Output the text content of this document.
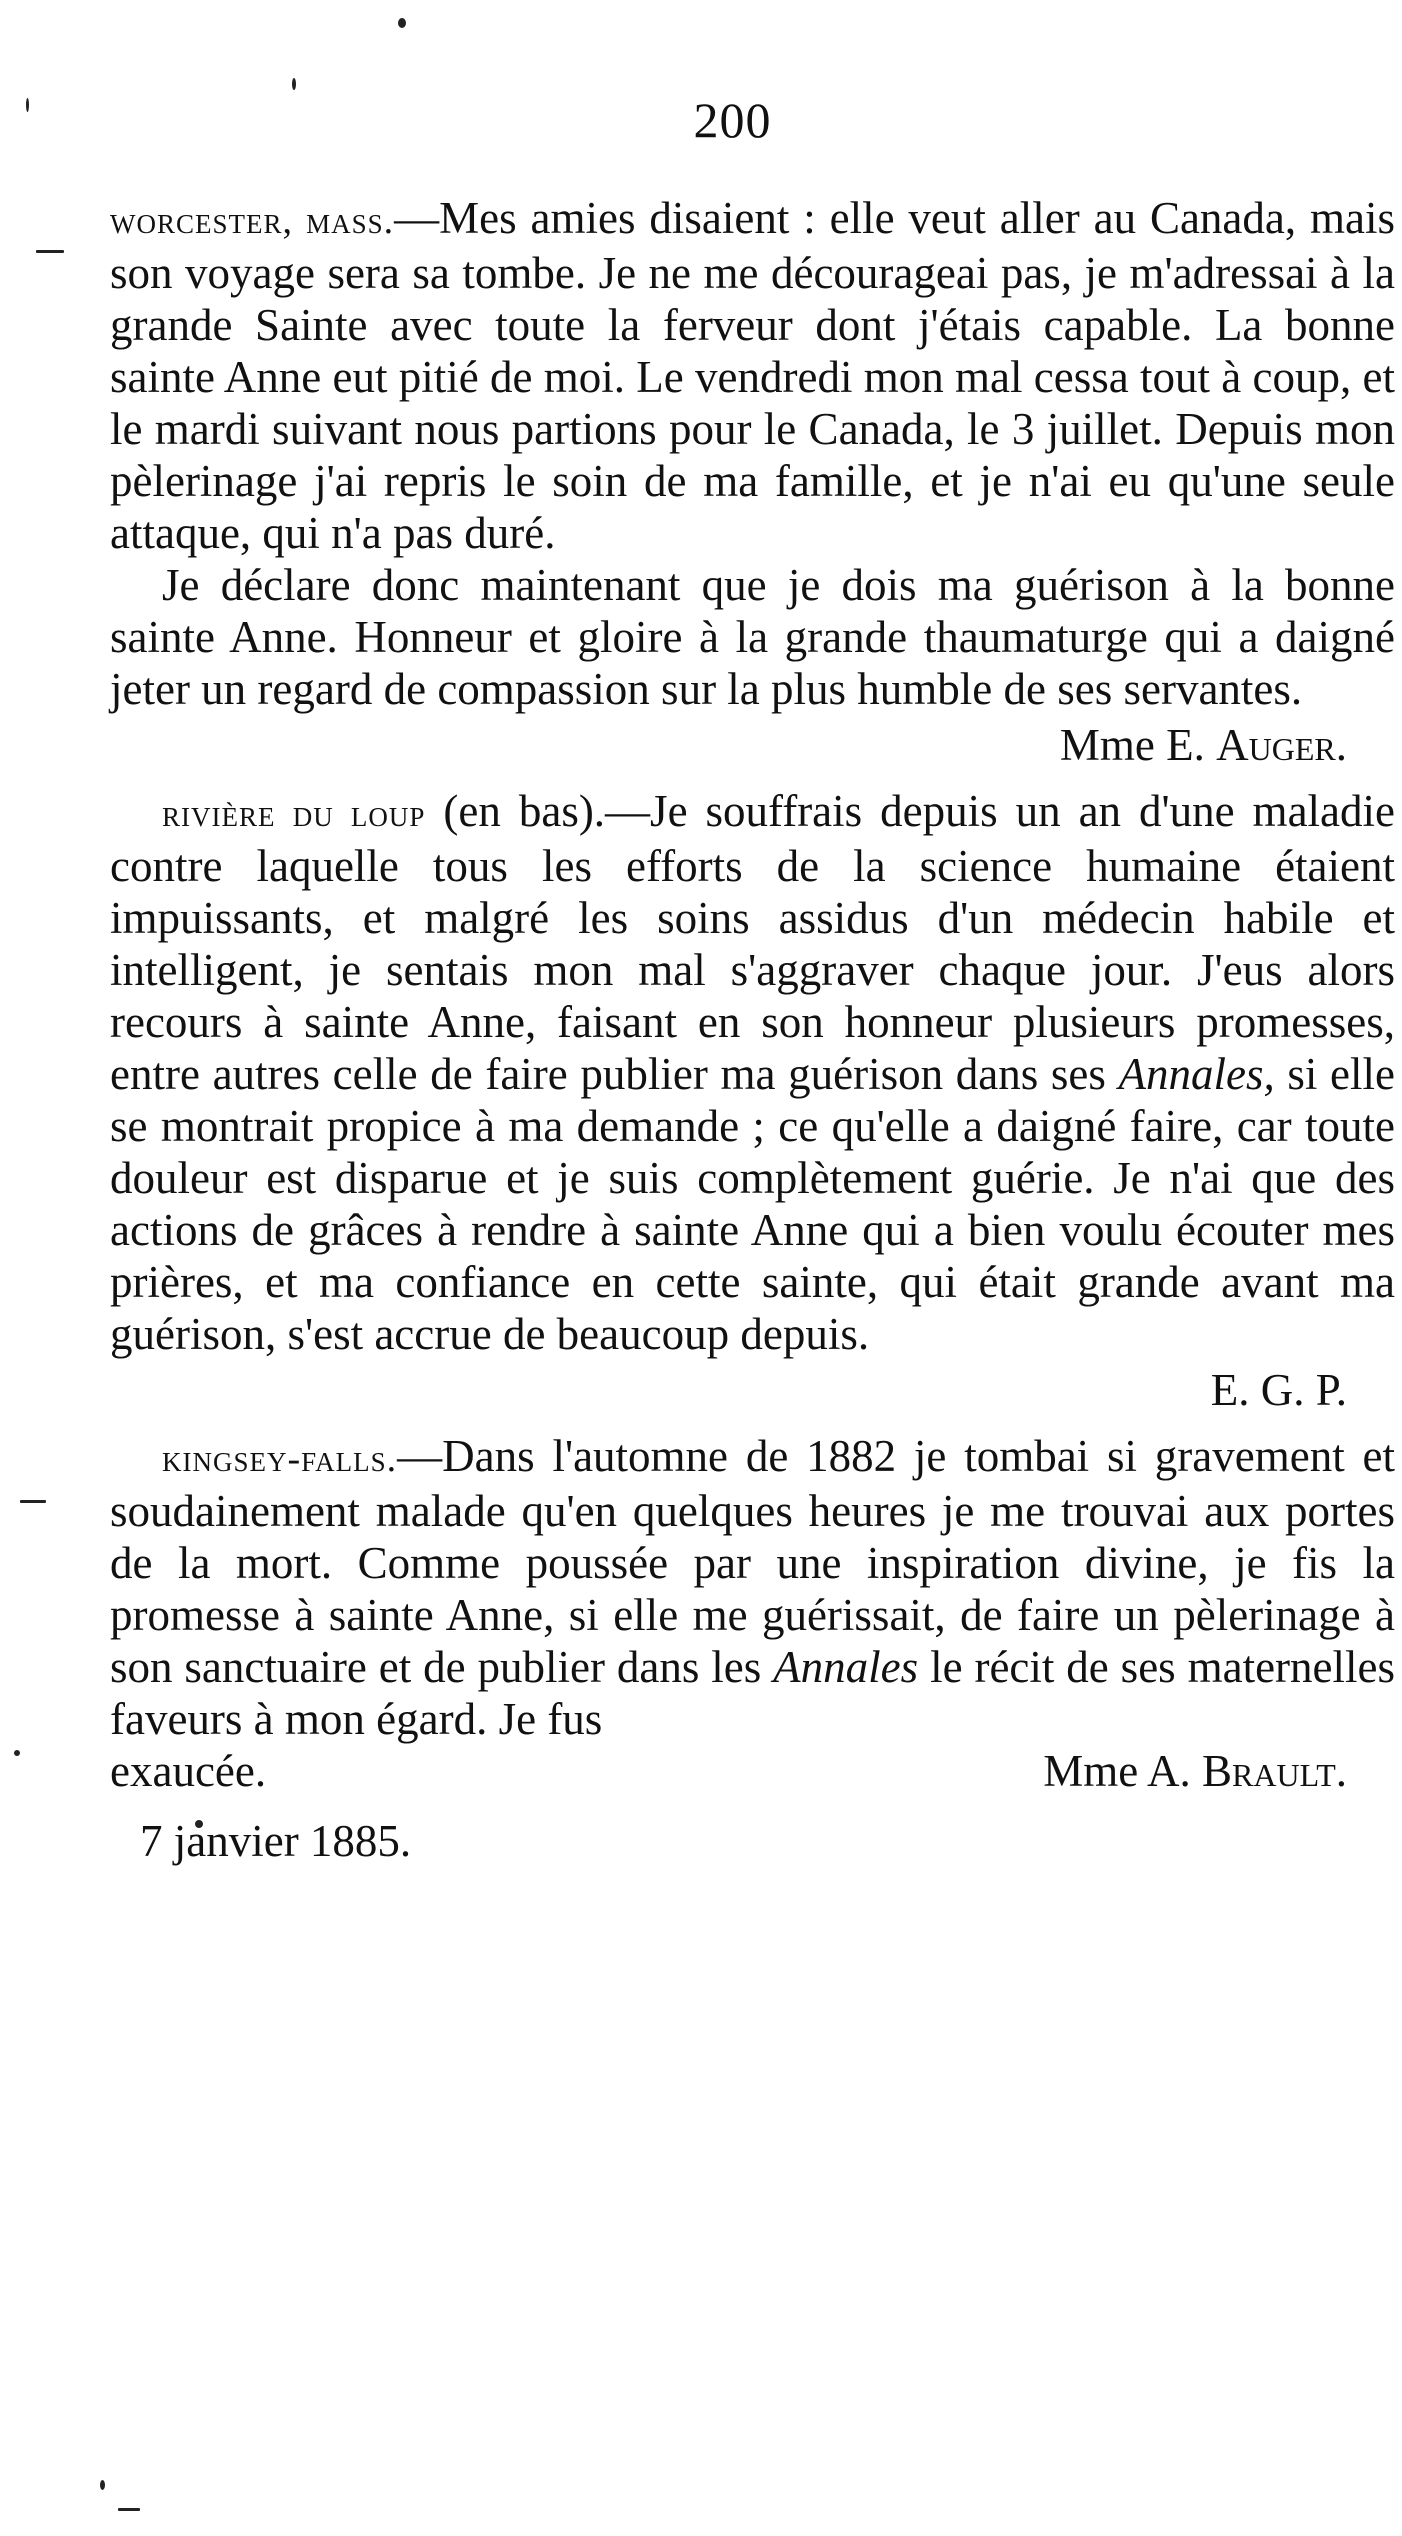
200

worcester, mass.—Mes amies disaient : elle veut aller au Canada, mais son voyage sera sa tombe. Je ne me décourageai pas, je m'adressai à la grande Sainte avec toute la ferveur dont j'étais capable. La bonne sainte Anne eut pitié de moi. Le vendredi mon mal cessa tout à coup, et le mardi suivant nous partions pour le Canada, le 3 juillet. Depuis mon pèlerinage j'ai repris le soin de ma famille, et je n'ai eu qu'une seule attaque, qui n'a pas duré.

Je déclare donc maintenant que je dois ma guérison à la bonne sainte Anne. Honneur et gloire à la grande thaumaturge qui a daigné jeter un regard de compassion sur la plus humble de ses servantes.

Mme E. Auger.

rivière du loup (en bas).—Je souffrais depuis un an d'une maladie contre laquelle tous les efforts de la science humaine étaient impuissants, et malgré les soins assidus d'un médecin habile et intelligent, je sentais mon mal s'aggraver chaque jour. J'eus alors recours à sainte Anne, faisant en son honneur plusieurs promesses, entre autres celle de faire publier ma guérison dans ses Annales, si elle se montrait propice à ma demande ; ce qu'elle a daigné faire, car toute douleur est disparue et je suis complètement guérie. Je n'ai que des actions de grâces à rendre à sainte Anne qui a bien voulu écouter mes prières, et ma confiance en cette sainte, qui était grande avant ma guérison, s'est accrue de beaucoup depuis.

E. G. P.

kingsey-falls.—Dans l'automne de 1882 je tombai si gravement et soudainement malade qu'en quelques heures je me trouvai aux portes de la mort. Comme poussée par une inspiration divine, je fis la promesse à sainte Anne, si elle me guérissait, de faire un pèlerinage à son sanctuaire et de publier dans les Annales le récit de ses maternelles faveurs à mon égard. Je fus

exaucée.	Mme A. Brault.
7 janvier 1885.
